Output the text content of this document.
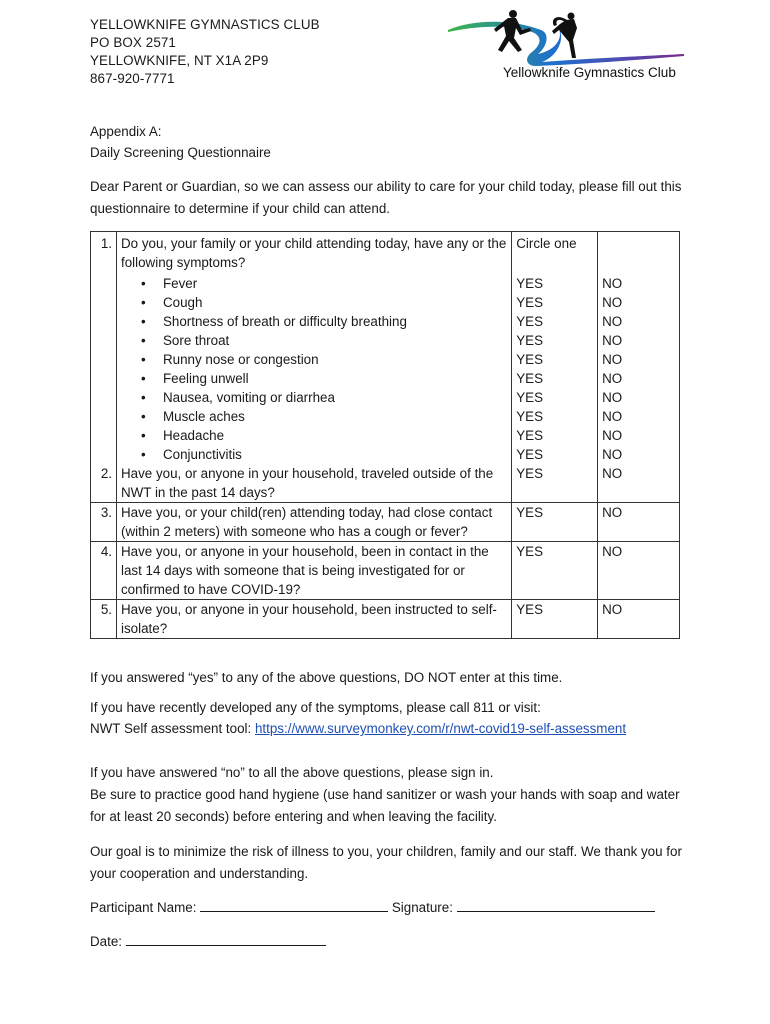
YELLOWKNIFE GYMNASTICS CLUB
PO BOX 2571
YELLOWKNIFE, NT X1A 2P9
867-920-7771	Yellowknife Gymnastics Club
Appendix A:
Daily Screening Questionnaire
Dear Parent or Guardian, so we can assess our ability to care for your child today, please fill out this questionnaire to determine if your child can attend.
1.	Do you, your family or your child attending today, have any or the following symptoms?	Circle one	
	• Fever	YES	NO
	• Cough	YES	NO
	• Shortness of breath or difficulty breathing	YES	NO
	• Sore throat	YES	NO
	• Runny nose or congestion	YES	NO
	• Feeling unwell	YES	NO
	• Nausea, vomiting or diarrhea	YES	NO
	• Muscle aches	YES	NO
	• Headache	YES	NO
	• Conjunctivitis	YES	NO
2.	Have you, or anyone in your household, traveled outside of the NWT in the past 14 days?	YES	NO
3.	Have you, or your child(ren) attending today, had close contact (within 2 meters) with someone who has a cough or fever?	YES	NO
4.	Have you, or anyone in your household, been in contact in the last 14 days with someone that is being investigated for or confirmed to have COVID-19?	YES	NO
5.	Have you, or anyone in your household, been instructed to self-isolate?	YES	NO
If you answered “yes” to any of the above questions, DO NOT enter at this time.
If you have recently developed any of the symptoms, please call 811 or visit:
NWT Self assessment tool: https://www.surveymonkey.com/r/nwt-covid19-self-assessment
If you have answered “no” to all the above questions, please sign in.
Be sure to practice good hand hygiene (use hand sanitizer or wash your hands with soap and water for at least 20 seconds) before entering and when leaving the facility.
Our goal is to minimize the risk of illness to you, your children, family and our staff. We thank you for your cooperation and understanding.
Participant Name:	Signature:
Date:
